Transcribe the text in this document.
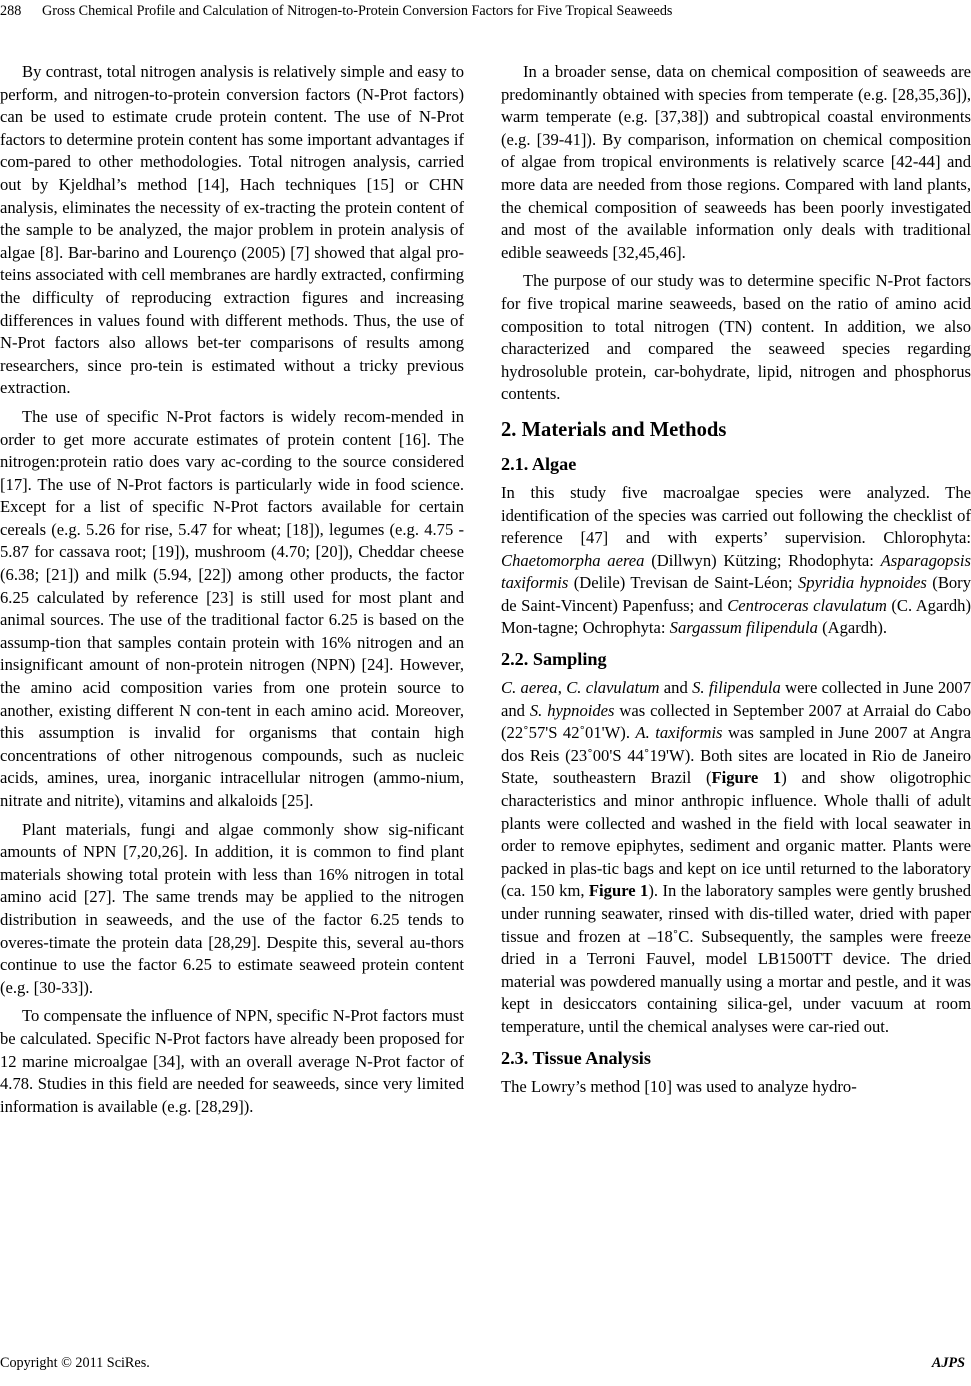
288 Gross Chemical Profile and Calculation of Nitrogen-to-Protein Conversion Factors for Five Tropical Seaweeds

By contrast, total nitrogen analysis is relatively simple and easy to perform, and nitrogen-to-protein conversion factors (N-Prot factors) can be used to estimate crude protein content. The use of N-Prot factors to determine protein content has some important advantages if com-pared to other methodologies. Total nitrogen analysis, carried out by Kjeldhal’s method [14], Hach techniques [15] or CHN analysis, eliminates the necessity of ex-tracting the protein content of the sample to be analyzed, the major problem in protein analysis of algae [8]. Bar-barino and Lourenço (2005) [7] showed that algal pro-teins associated with cell membranes are hardly extracted, confirming the difficulty of reproducing extraction figures and increasing differences in values found with different methods. Thus, the use of N-Prot factors also allows bet-ter comparisons of results among researchers, since pro-tein is estimated without a tricky previous extraction.

The use of specific N-Prot factors is widely recom-mended in order to get more accurate estimates of protein content [16]. The nitrogen:protein ratio does vary ac-cording to the source considered [17]. The use of N-Prot factors is particularly wide in food science. Except for a list of specific N-Prot factors available for certain cereals (e.g. 5.26 for rise, 5.47 for wheat; [18]), legumes (e.g. 4.75 - 5.87 for cassava root; [19]), mushroom (4.70; [20]), Cheddar cheese (6.38; [21]) and milk (5.94, [22]) among other products, the factor 6.25 calculated by reference [23] is still used for most plant and animal sources. The use of the traditional factor 6.25 is based on the assump-tion that samples contain protein with 16% nitrogen and an insignificant amount of non-protein nitrogen (NPN) [24]. However, the amino acid composition varies from one protein source to another, existing different N con-tent in each amino acid. Moreover, this assumption is invalid for organisms that contain high concentrations of other nitrogenous compounds, such as nucleic acids, amines, urea, inorganic intracellular nitrogen (ammo-nium, nitrate and nitrite), vitamins and alkaloids [25].

Plant materials, fungi and algae commonly show sig-nificant amounts of NPN [7,20,26]. In addition, it is common to find plant materials showing total protein with less than 16% nitrogen in total amino acid [27]. The same trends may be applied to the nitrogen distribution in seaweeds, and the use of the factor 6.25 tends to overes-timate the protein data [28,29]. Despite this, several au-thors continue to use the factor 6.25 to estimate seaweed protein content (e.g. [30-33]).

To compensate the influence of NPN, specific N-Prot factors must be calculated. Specific N-Prot factors have already been proposed for 12 marine microalgae [34], with an overall average N-Prot factor of 4.78. Studies in this field are needed for seaweeds, since very limited information is available (e.g. [28,29]).

In a broader sense, data on chemical composition of seaweeds are predominantly obtained with species from temperate (e.g. [28,35,36]), warm temperate (e.g. [37,38]) and subtropical coastal environments (e.g. [39-41]). By comparison, information on chemical composition of algae from tropical environments is relatively scarce [42-44] and more data are needed from those regions. Compared with land plants, the chemical composition of seaweeds has been poorly investigated and most of the available information only deals with traditional edible seaweeds [32,45,46].

The purpose of our study was to determine specific N-Prot factors for five tropical marine seaweeds, based on the ratio of amino acid composition to total nitrogen (TN) content. In addition, we also characterized and compared the seaweed species regarding hydrosoluble protein, car-bohydrate, lipid, nitrogen and phosphorus contents.

2. Materials and Methods
2.1. Algae

In this study five macroalgae species were analyzed. The identification of the species was carried out following the checklist of reference [47] and with experts’ supervision. Chlorophyta: Chaetomorpha aerea (Dillwyn) Kützing; Rhodophyta: Asparagopsis taxiformis (Delile) Trevisan de Saint-Léon; Spyridia hypnoides (Bory de Saint-Vincent) Papenfuss; and Centroceras clavulatum (C. Agardh) Mon-tagne; Ochrophyta: Sargassum filipendula (Agardh).

2.2. Sampling

C. aerea, C. clavulatum and S. filipendula were collected in June 2007 and S. hypnoides was collected in September 2007 at Arraial do Cabo (22˚57'S 42˚01'W). A. taxiformis was sampled in June 2007 at Angra dos Reis (23˚00'S 44˚19'W). Both sites are located in Rio de Janeiro State, southeastern Brazil (Figure 1) and show oligotrophic characteristics and minor anthropic influence. Whole thalli of adult plants were collected and washed in the field with local seawater in order to remove epiphytes, sediment and organic matter. Plants were packed in plas-tic bags and kept on ice until returned to the laboratory (ca. 150 km, Figure 1). In the laboratory samples were gently brushed under running seawater, rinsed with dis-tilled water, dried with paper tissue and frozen at –18˚C. Subsequently, the samples were freeze dried in a Terroni Fauvel, model LB1500TT device. The dried material was powdered manually using a mortar and pestle, and it was kept in desiccators containing silica-gel, under vacuum at room temperature, until the chemical analyses were car-ried out.

2.3. Tissue Analysis

The Lowry’s method [10] was used to analyze hydro-

Copyright © 2011 SciRes.	AJPS
